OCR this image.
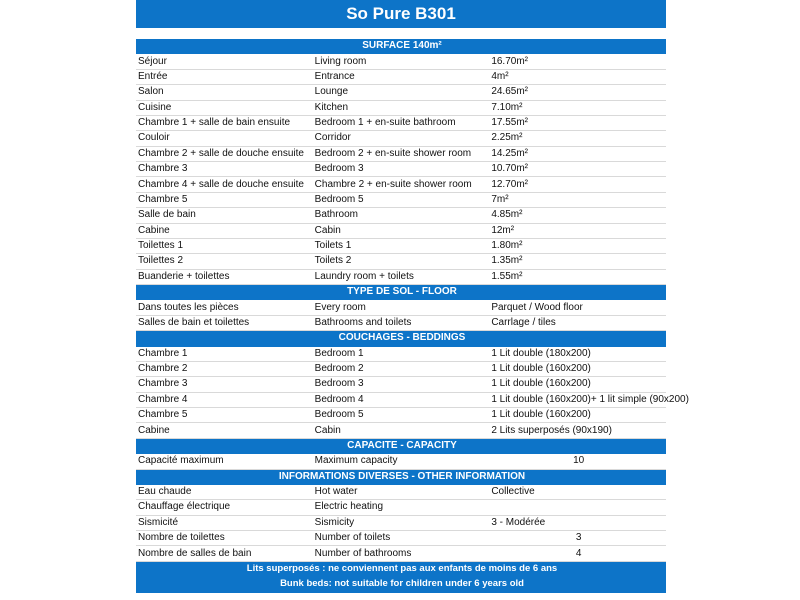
So Pure B301
SURFACE 140m²		
Séjour	Living room	16.70m²
Entrée	Entrance	4m²
Salon	Lounge	24.65m²
Cuisine	Kitchen	7.10m²
Chambre 1 + salle de bain ensuite	Bedroom 1 + en-suite bathroom	17.55m²
Couloir	Corridor	2.25m²
Chambre 2 + salle de douche ensuite	Bedroom 2 + en-suite shower room	14.25m²
Chambre 3	Bedroom 3	10.70m²
Chambre 4 + salle de douche ensuite	Chambre 2 + en-suite shower room	12.70m²
Chambre 5	Bedroom 5	7m²
Salle de bain	Bathroom	4.85m²
Cabine	Cabin	12m²
Toilettes 1	Toilets 1	1.80m²
Toilettes 2	Toilets 2	1.35m²
Buanderie + toilettes	Laundry room + toilets	1.55m²
TYPE DE SOL - FLOOR		
Dans toutes les pièces	Every room	Parquet / Wood floor
Salles de bain et toilettes	Bathrooms and toilets	Carrlage / tiles
COUCHAGES - BEDDINGS		
Chambre 1	Bedroom 1	1 Lit double (180x200)
Chambre 2	Bedroom 2	1 Lit double (160x200)
Chambre 3	Bedroom 3	1 Lit double (160x200)
Chambre 4	Bedroom 4	1 Lit double (160x200)+ 1 lit simple (90x200)
Chambre 5	Bedroom 5	1 Lit double (160x200)
Cabine	Cabin	2 Lits superposés (90x190)
CAPACITE - CAPACITY		
Capacité maximum	Maximum capacity	10
INFORMATIONS DIVERSES - OTHER INFORMATION		
Eau chaude	Hot water	Collective
Chauffage électrique	Electric heating	
Sismicité	Sismicity	3 - Modérée
Nombre de toilettes	Number of toilets	3
Nombre de salles de bain	Number of bathrooms	4
Lits superposés : ne conviennent pas aux enfants de moins de 6 ans		
Bunk beds: not suitable for children under 6 years old		
